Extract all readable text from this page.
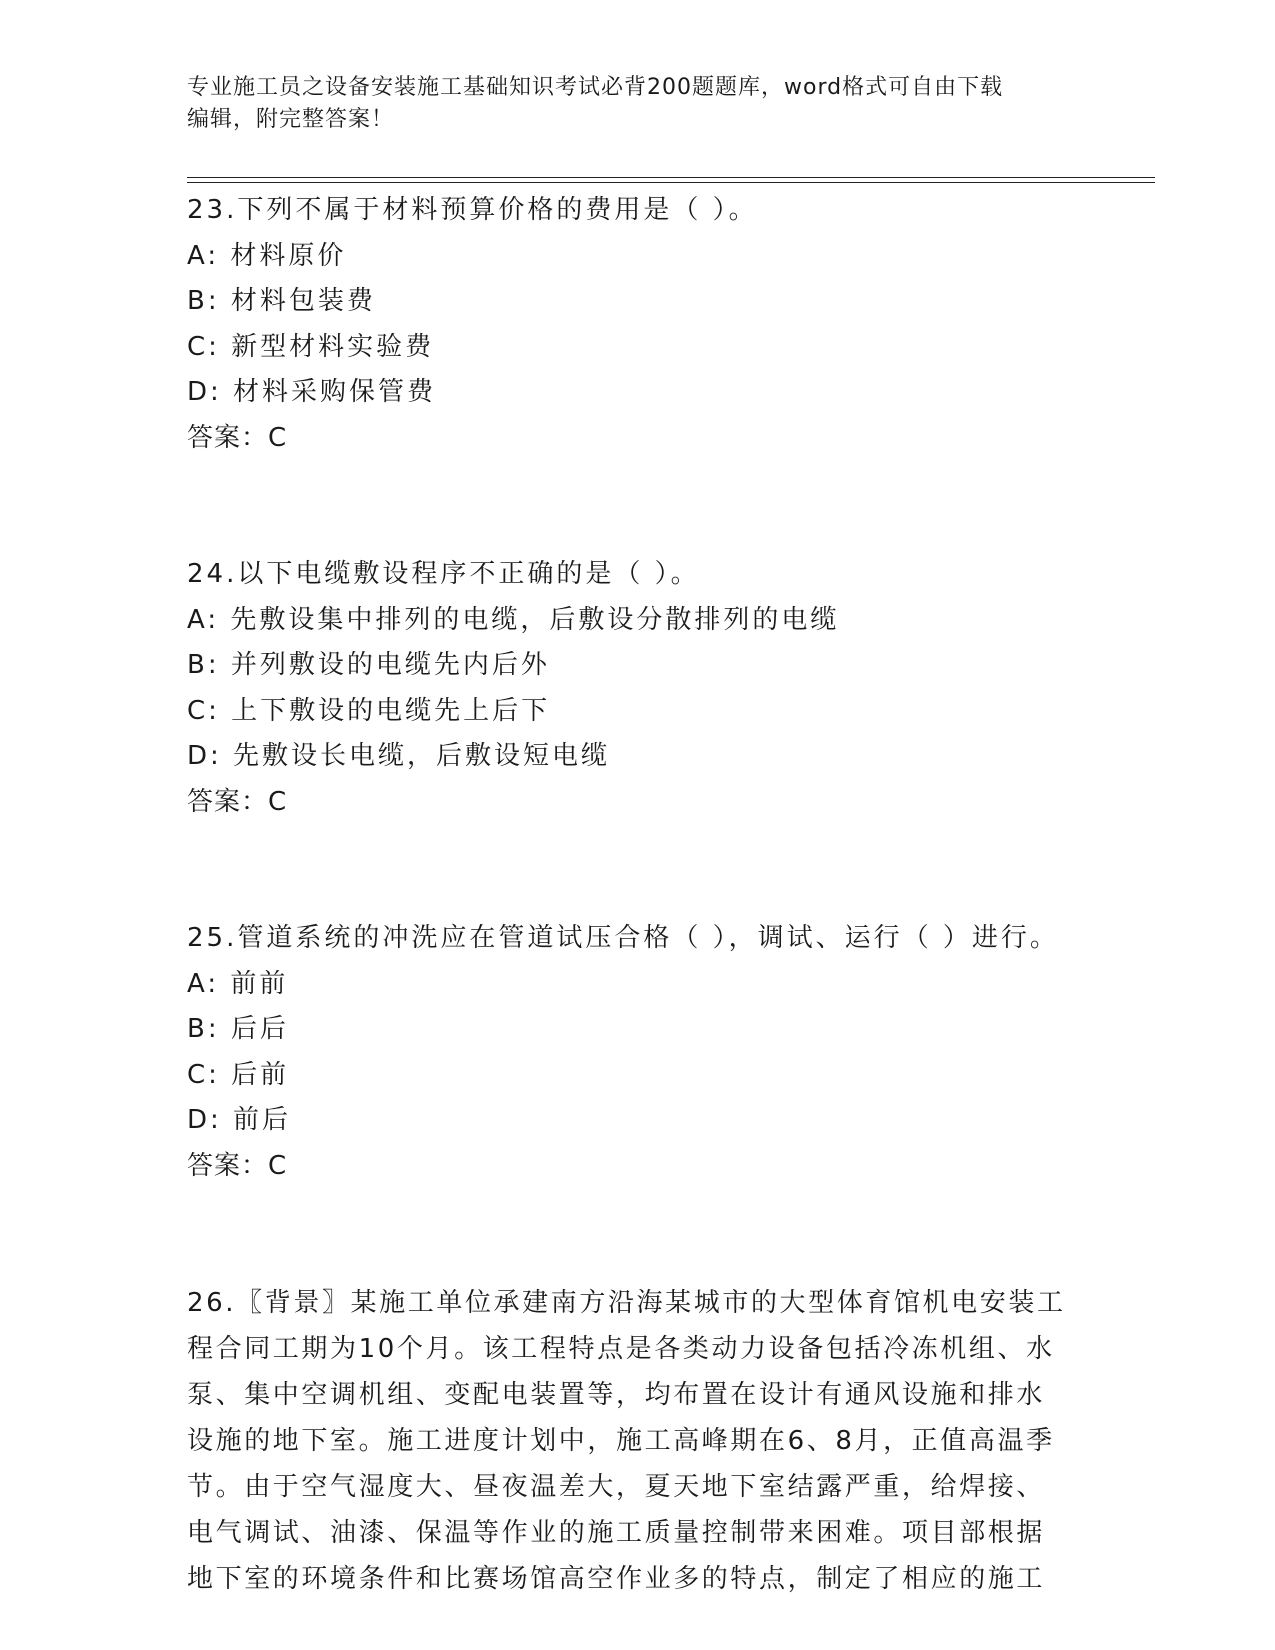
专业施工员之设备安装施工基础知识考试必背200题题库，word格式可自由下载
编辑，附完整答案！
23.下列不属于材料预算价格的费用是（ ）。
A: 材料原价
B: 材料包装费
C: 新型材料实验费
D: 材料采购保管费
答案：C
24.以下电缆敷设程序不正确的是（ ）。
A: 先敷设集中排列的电缆，后敷设分散排列的电缆
B: 并列敷设的电缆先内后外
C: 上下敷设的电缆先上后下
D: 先敷设长电缆，后敷设短电缆
答案：C
25.管道系统的冲洗应在管道试压合格（ ），调试、运行（ ）进行。
A: 前前
B: 后后
C: 后前
D: 前后
答案：C
26.〖背景〗某施工单位承建南方沿海某城市的大型体育馆机电安装工
程合同工期为10个月。该工程特点是各类动力设备包括冷冻机组、水
泵、集中空调机组、变配电装置等，均布置在设计有通风设施和排水
设施的地下室。施工进度计划中，施工高峰期在6、8月，正值高温季
节。由于空气湿度大、昼夜温差大，夏天地下室结露严重，给焊接、
电气调试、油漆、保温等作业的施工质量控制带来困难。项目部根据
地下室的环境条件和比赛场馆高空作业多的特点，制定了相应的施工
